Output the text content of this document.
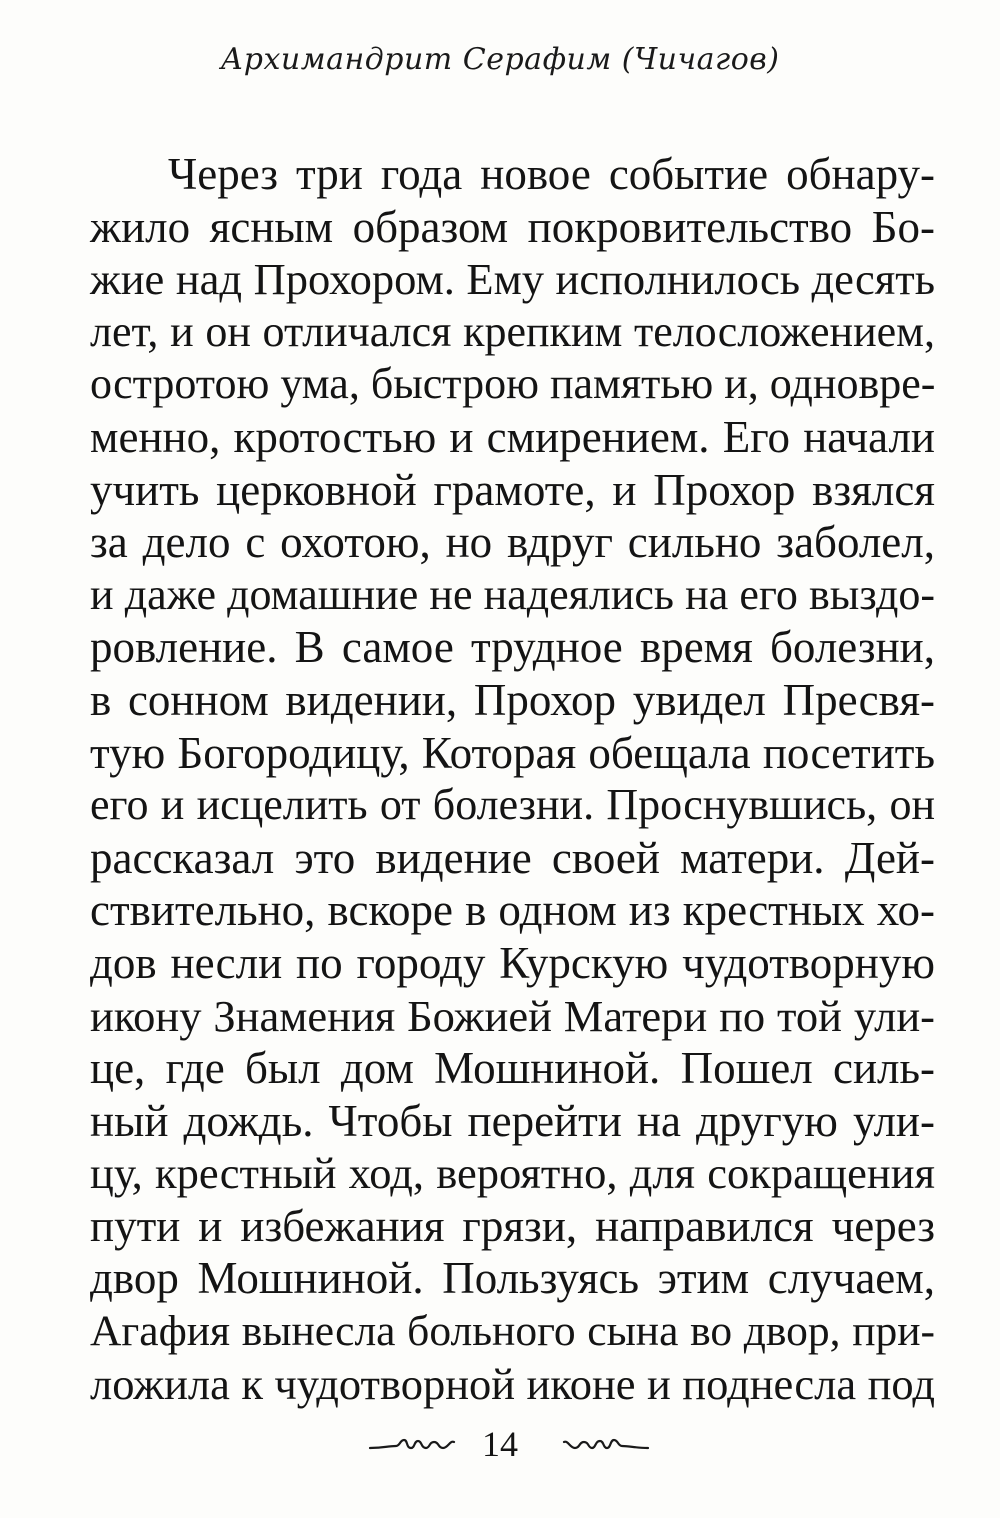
Архимандрит Серафим (Чичагов)
Через три года новое событие обнару-
жило ясным образом покровительство Бо-
жие над Прохором. Ему исполнилось десять
лет, и он отличался крепким телосложением,
остротою ума, быстрою памятью и, одновре-
менно, кротостью и смирением. Его начали
учить церковной грамоте, и Прохор взялся
за дело с охотою, но вдруг сильно заболел,
и даже домашние не надеялись на его выздо-
ровление. В самое трудное время болезни,
в сонном видении, Прохор увидел Пресвя-
тую Богородицу, Которая обещала посетить
его и исцелить от болезни. Проснувшись, он
рассказал это видение своей матери. Дей-
ствительно, вскоре в одном из крестных хо-
дов несли по городу Курскую чудотворную
икону Знамения Божией Матери по той ули-
це, где был дом Мошниной. Пошел силь-
ный дождь. Чтобы перейти на другую ули-
цу, крестный ход, вероятно, для сокращения
пути и избежания грязи, направился через
двор Мошниной. Пользуясь этим случаем,
Агафия вынесла больного сына во двор, при-
ложила к чудотворной иконе и поднесла под
14
